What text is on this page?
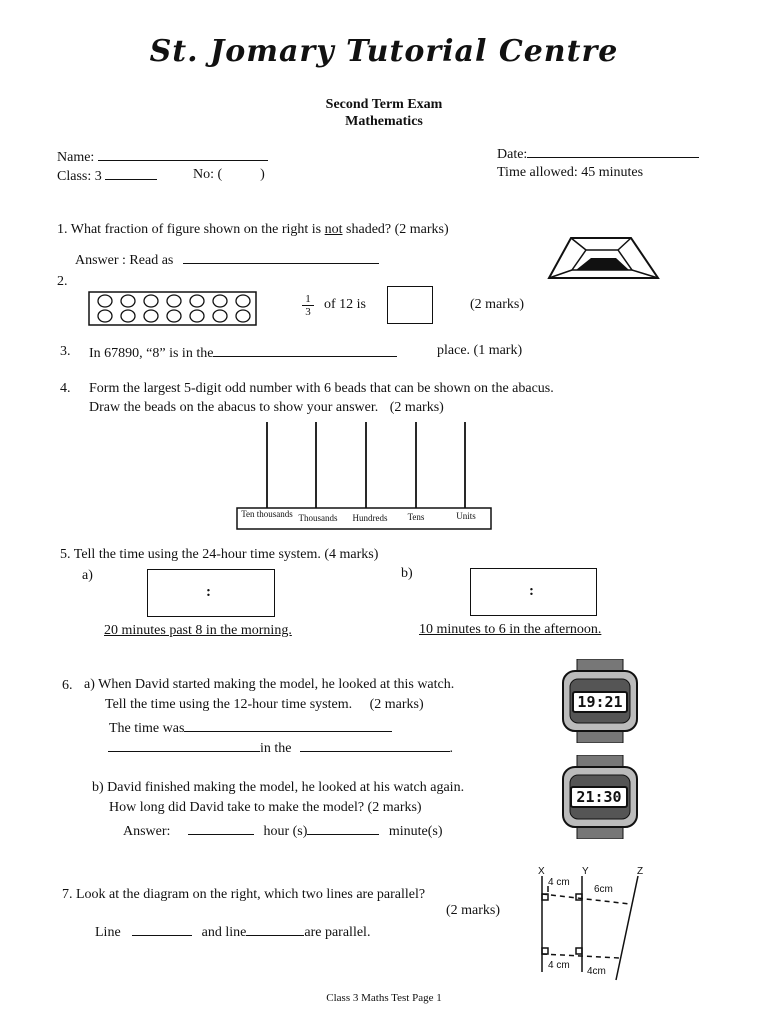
St. Jomary Tutorial Centre
Second Term Exam
Mathematics
Name:
Class: 3	No: (	)
Date:
Time allowed: 45 minutes
1. What fraction of figure shown on the right is not shaded? (2 marks)
Answer : Read as
2.
$\frac{1}{3}$ of 12 is	(2 marks)
3. In 67890, “8” is in the	place. (1 mark)
4. Form the largest 5-digit odd number with 6 beads that can be shown on the abacus.
Draw the beads on the abacus to show your answer. (2 marks)
Ten thousands Thousands	Hundreds	Tens	Units
5. Tell the time using the 24-hour time system. (4 marks)
a)	b)
:	:
20 minutes past 8 in the morning.	10 minutes to 6 in the afternoon.
6. a) When David started making the model, he looked at this watch.
Tell the time using the 12-hour time system. (2 marks)
The time was
in the	.
19:21
b) David finished making the model, he looked at his watch again.
How long did David take to make the model? (2 marks)
Answer:	hour (s)	minute(s)
21:30
7. Look at the diagram on the right, which two lines are parallel?
(2 marks)
Line	and line	are parallel.
X	Y	Z
4 cm
6cm
4 cm
4cm
Class 3 Maths Test Page 1
